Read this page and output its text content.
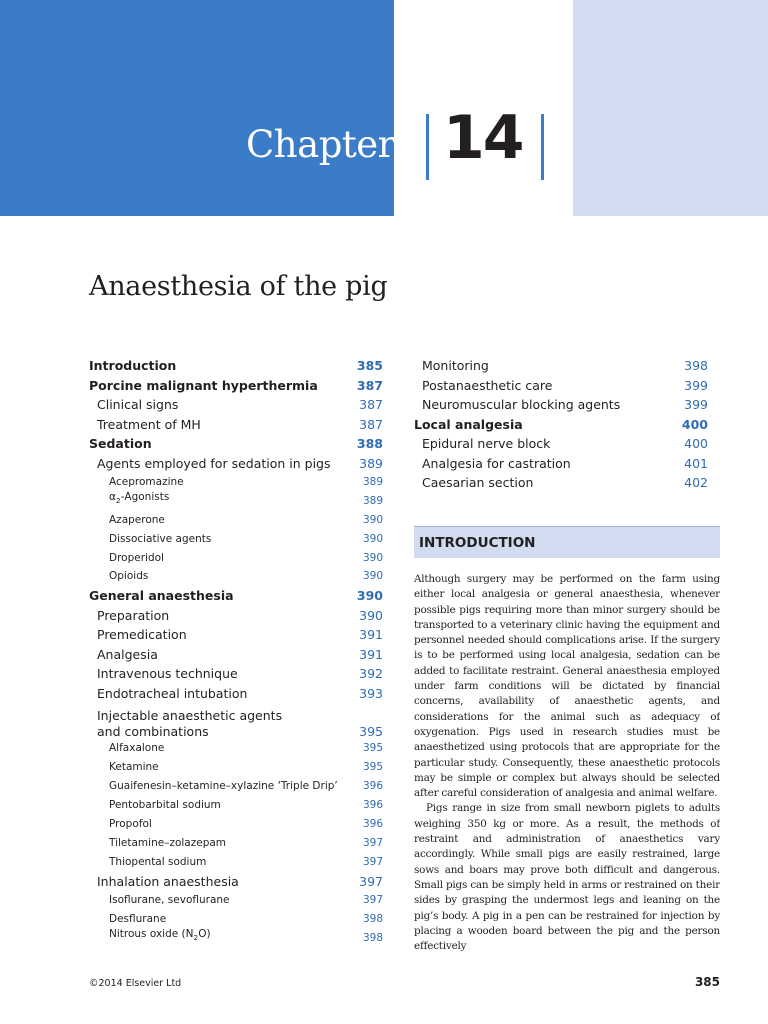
Chapter 14
Anaesthesia of the pig
Introduction	385
Porcine malignant hyperthermia	387
Clinical signs	387
Treatment of MH	387
Sedation	388
Agents employed for sedation in pigs	389
Acepromazine	389
$\alpha_2$-Agonists	389
Azaperone	390
Dissociative agents	390
Droperidol	390
Opioids	390
General anaesthesia	390
Preparation	390
Premedication	391
Analgesia	391
Intravenous technique	392
Endotracheal intubation	393
Injectable anaesthetic agents
and combinations	395
Alfaxalone	395
Ketamine	395
Guaifenesin–ketamine–xylazine ‘Triple Drip’	396
Pentobarbital sodium	396
Propofol	396
Tiletamine–zolazepam	397
Thiopental sodium	397
Inhalation anaesthesia	397
Isoflurane, sevoflurane	397
Desflurane	398
Nitrous oxide $(N_2O)$	398
Monitoring	398
Postanaesthetic care	399
Neuromuscular blocking agents	399
Local analgesia	400
Epidural nerve block	400
Analgesia for castration	401
Caesarian section	402
INTRODUCTION

Although surgery may be performed on the farm using either local analgesia or general anaesthesia, whenever possible pigs requiring more than minor surgery should be transported to a veterinary clinic having the equipment and personnel needed should complications arise. If the surgery is to be performed using local analgesia, sedation can be added to facilitate restraint. General anaesthesia employed under farm conditions will be dictated by financial concerns, availability of anaesthetic agents, and considerations for the animal such as adequacy of oxygenation. Pigs used in research studies must be anaesthetized using protocols that are appropriate for the particular study. Consequently, these anaesthetic protocols may be simple or complex but always should be selected after careful consideration of analgesia and animal welfare.

Pigs range in size from small newborn piglets to adults weighing 350 kg or more. As a result, the methods of restraint and administration of anaesthetics vary accordingly. While small pigs are easily restrained, large sows and boars may prove both difficult and dangerous. Small pigs can be simply held in arms or restrained on their sides by grasping the undermost legs and leaning on the pig’s body. A pig in a pen can be restrained for injection by placing a wooden board between the pig and the person effectively

©2014 Elsevier Ltd	385
